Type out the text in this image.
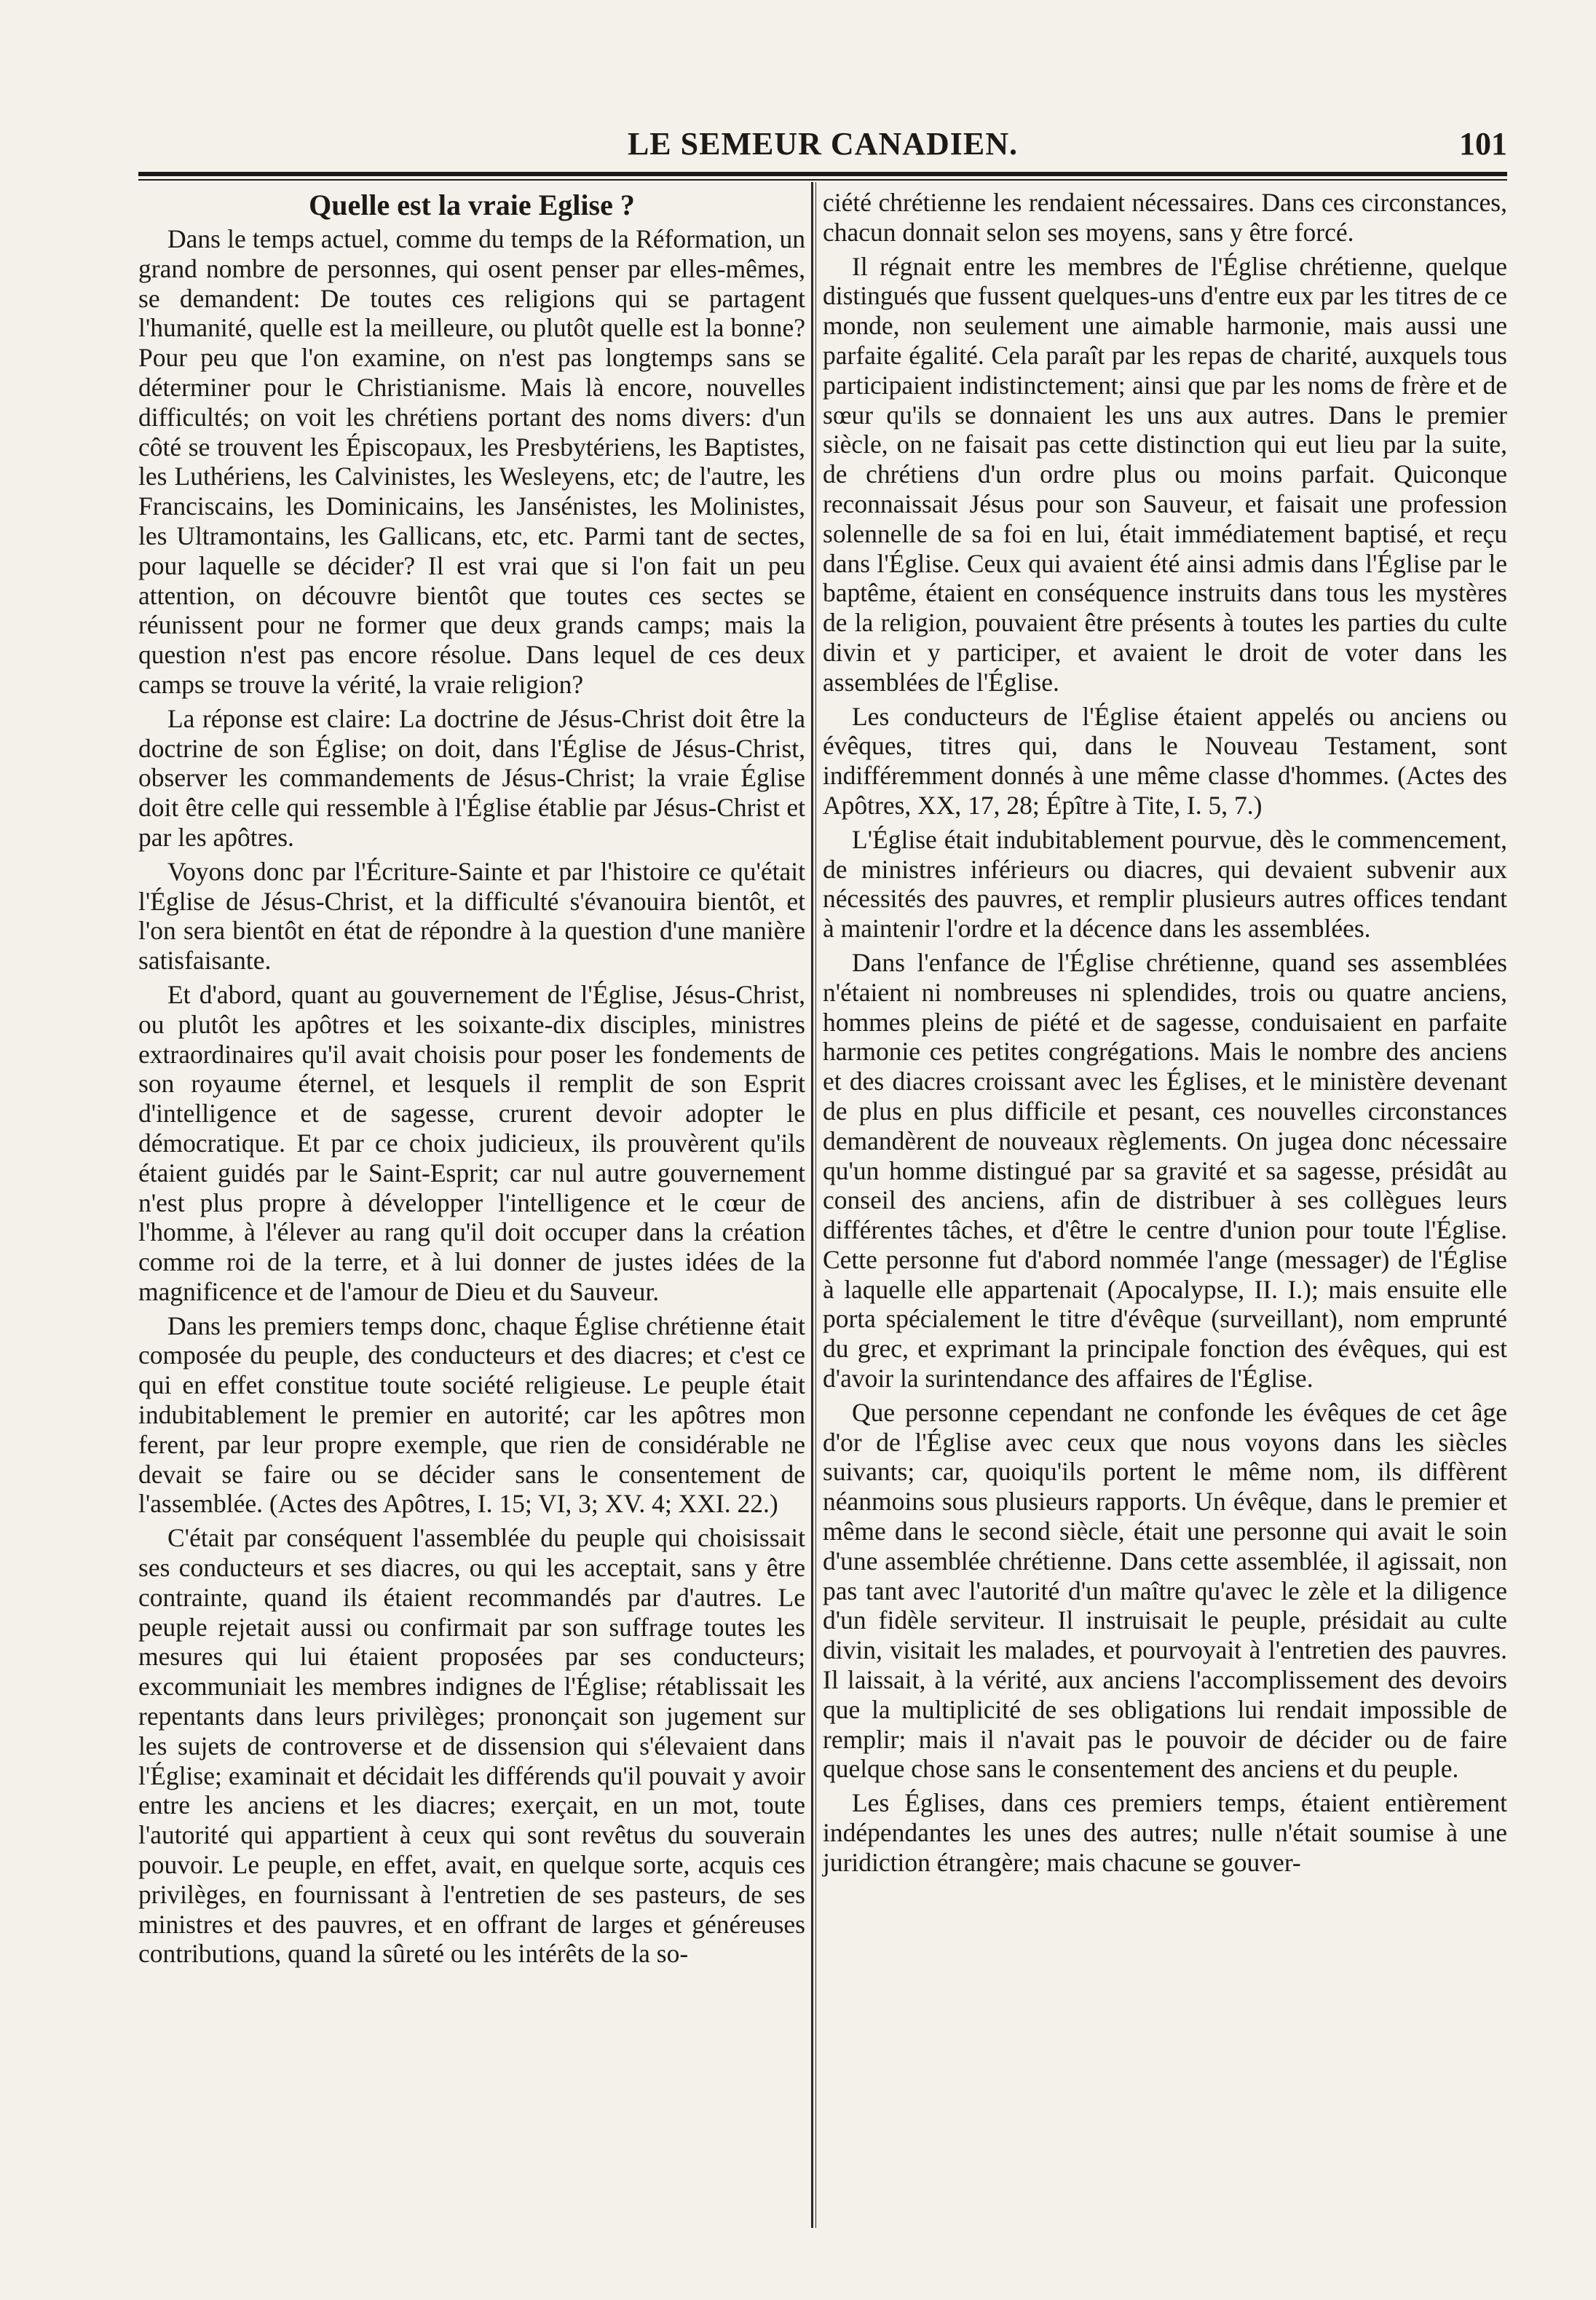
LE SEMEUR CANADIEN.	101
Quelle est la vraie Eglise ?

Dans le temps actuel, comme du temps de la Réformation, un grand nombre de personnes, qui osent penser par elles-mêmes, se demandent: De toutes ces religions qui se partagent l'humanité, quelle est la meilleure, ou plutôt quelle est la bonne? Pour peu que l'on examine, on n'est pas longtemps sans se déterminer pour le Christianisme. Mais là encore, nouvelles difficultés; on voit les chrétiens portant des noms divers: d'un côté se trouvent les Épiscopaux, les Presbytériens, les Baptistes, les Luthériens, les Calvinistes, les Wesleyens, etc; de l'autre, les Franciscains, les Dominicains, les Jansénistes, les Molinistes, les Ultramontains, les Gallicans, etc, etc. Parmi tant de sectes, pour laquelle se décider? Il est vrai que si l'on fait un peu attention, on découvre bientôt que toutes ces sectes se réunissent pour ne former que deux grands camps; mais la question n'est pas encore résolue. Dans lequel de ces deux camps se trouve la vérité, la vraie religion?

La réponse est claire: La doctrine de Jésus-Christ doit être la doctrine de son Église; on doit, dans l'Église de Jésus-Christ, observer les commandements de Jésus-Christ; la vraie Église doit être celle qui ressemble à l'Église établie par Jésus-Christ et par les apôtres.

Voyons donc par l'Écriture-Sainte et par l'histoire ce qu'était l'Église de Jésus-Christ, et la difficulté s'évanouira bientôt, et l'on sera bientôt en état de répondre à la question d'une manière satisfaisante.

Et d'abord, quant au gouvernement de l'Église, Jésus-Christ, ou plutôt les apôtres et les soixante-dix disciples, ministres extraordinaires qu'il avait choisis pour poser les fondements de son royaume éternel, et lesquels il remplit de son Esprit d'intelligence et de sagesse, crurent devoir adopter le démocratique. Et par ce choix judicieux, ils prouvèrent qu'ils étaient guidés par le Saint-Esprit; car nul autre gouvernement n'est plus propre à développer l'intelligence et le cœur de l'homme, à l'élever au rang qu'il doit occuper dans la création comme roi de la terre, et à lui donner de justes idées de la magnificence et de l'amour de Dieu et du Sauveur.

Dans les premiers temps donc, chaque Église chrétienne était composée du peuple, des conducteurs et des diacres; et c'est ce qui en effet constitue toute société religieuse. Le peuple était indubitablement le premier en autorité; car les apôtres mon ferent, par leur propre exemple, que rien de considérable ne devait se faire ou se décider sans le consentement de l'assemblée. (Actes des Apôtres, I. 15; VI, 3; XV. 4; XXI. 22.)

C'était par conséquent l'assemblée du peuple qui choisissait ses conducteurs et ses diacres, ou qui les acceptait, sans y être contrainte, quand ils étaient recommandés par d'autres. Le peuple rejetait aussi ou confirmait par son suffrage toutes les mesures qui lui étaient proposées par ses conducteurs; excommuniait les membres indignes de l'Église; rétablissait les repentants dans leurs privilèges; prononçait son jugement sur les sujets de controverse et de dissension qui s'élevaient dans l'Église; examinait et décidait les différends qu'il pouvait y avoir entre les anciens et les diacres; exerçait, en un mot, toute l'autorité qui appartient à ceux qui sont revêtus du souverain pouvoir. Le peuple, en effet, avait, en quelque sorte, acquis ces privilèges, en fournissant à l'entretien de ses pasteurs, de ses ministres et des pauvres, et en offrant de larges et généreuses contributions, quand la sûreté ou les intérêts de la so-

ciété chrétienne les rendaient nécessaires. Dans ces circonstances, chacun donnait selon ses moyens, sans y être forcé.

Il régnait entre les membres de l'Église chrétienne, quelque distingués que fussent quelques-uns d'entre eux par les titres de ce monde, non seulement une aimable harmonie, mais aussi une parfaite égalité. Cela paraît par les repas de charité, auxquels tous participaient indistinctement; ainsi que par les noms de frère et de sœur qu'ils se donnaient les uns aux autres. Dans le premier siècle, on ne faisait pas cette distinction qui eut lieu par la suite, de chrétiens d'un ordre plus ou moins parfait. Quiconque reconnaissait Jésus pour son Sauveur, et faisait une profession solennelle de sa foi en lui, était immédiatement baptisé, et reçu dans l'Église. Ceux qui avaient été ainsi admis dans l'Église par le baptême, étaient en conséquence instruits dans tous les mystères de la religion, pouvaient être présents à toutes les parties du culte divin et y participer, et avaient le droit de voter dans les assemblées de l'Église.

Les conducteurs de l'Église étaient appelés ou anciens ou évêques, titres qui, dans le Nouveau Testament, sont indifféremment donnés à une même classe d'hommes. (Actes des Apôtres, XX, 17, 28; Épître à Tite, I. 5, 7.)

L'Église était indubitablement pourvue, dès le commencement, de ministres inférieurs ou diacres, qui devaient subvenir aux nécessités des pauvres, et remplir plusieurs autres offices tendant à maintenir l'ordre et la décence dans les assemblées.

Dans l'enfance de l'Église chrétienne, quand ses assemblées n'étaient ni nombreuses ni splendides, trois ou quatre anciens, hommes pleins de piété et de sagesse, conduisaient en parfaite harmonie ces petites congrégations. Mais le nombre des anciens et des diacres croissant avec les Églises, et le ministère devenant de plus en plus difficile et pesant, ces nouvelles circonstances demandèrent de nouveaux règlements. On jugea donc nécessaire qu'un homme distingué par sa gravité et sa sagesse, présidât au conseil des anciens, afin de distribuer à ses collègues leurs différentes tâches, et d'être le centre d'union pour toute l'Église. Cette personne fut d'abord nommée l'ange (messager) de l'Église à laquelle elle appartenait (Apocalypse, II. I.); mais ensuite elle porta spécialement le titre d'évêque (surveillant), nom emprunté du grec, et exprimant la principale fonction des évêques, qui est d'avoir la surintendance des affaires de l'Église.

Que personne cependant ne confonde les évêques de cet âge d'or de l'Église avec ceux que nous voyons dans les siècles suivants; car, quoiqu'ils portent le même nom, ils diffèrent néanmoins sous plusieurs rapports. Un évêque, dans le premier et même dans le second siècle, était une personne qui avait le soin d'une assemblée chrétienne. Dans cette assemblée, il agissait, non pas tant avec l'autorité d'un maître qu'avec le zèle et la diligence d'un fidèle serviteur. Il instruisait le peuple, présidait au culte divin, visitait les malades, et pourvoyait à l'entretien des pauvres. Il laissait, à la vérité, aux anciens l'accomplissement des devoirs que la multiplicité de ses obligations lui rendait impossible de remplir; mais il n'avait pas le pouvoir de décider ou de faire quelque chose sans le consentement des anciens et du peuple.

Les Églises, dans ces premiers temps, étaient entièrement indépendantes les unes des autres; nulle n'était soumise à une juridiction étrangère; mais chacune se gouver-
